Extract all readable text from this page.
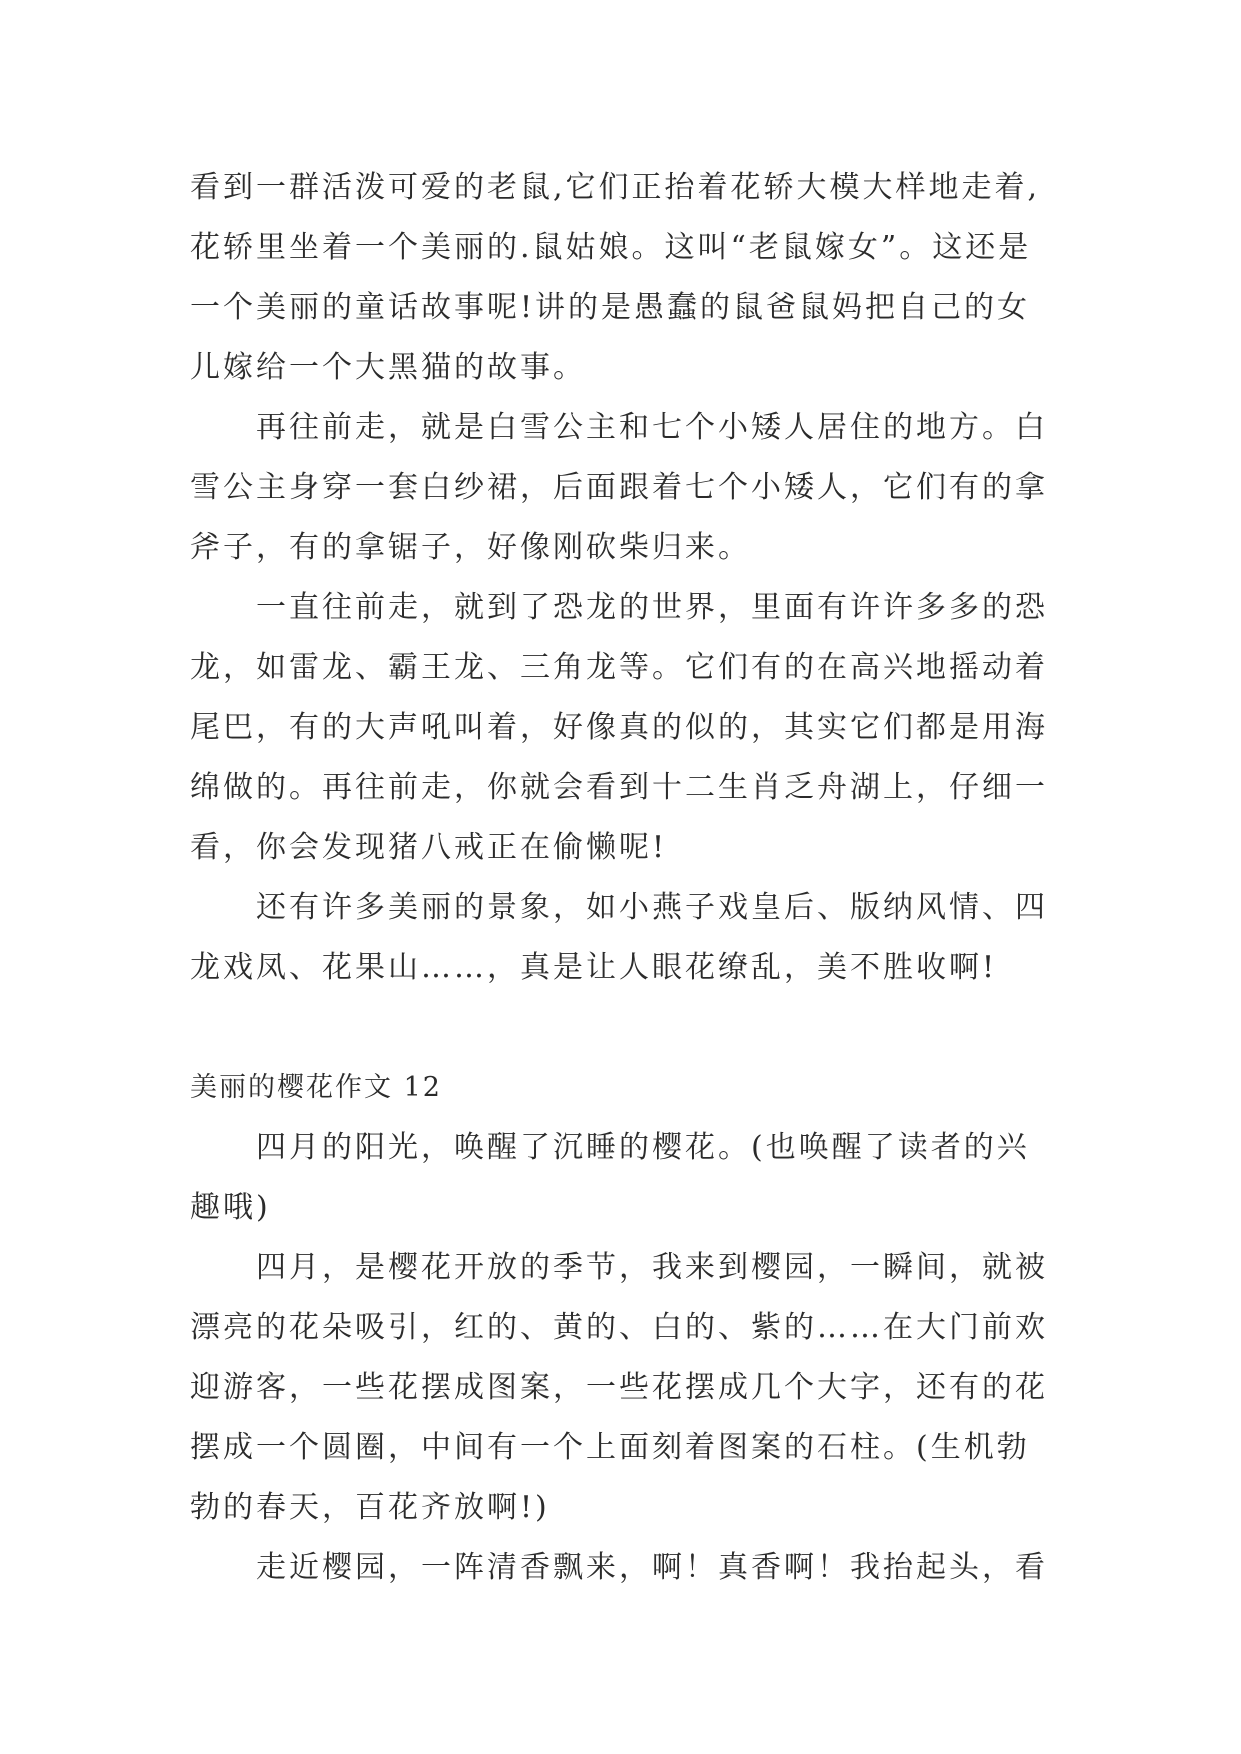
看到一群活泼可爱的老鼠,它们正抬着花轿大模大样地走着,
花轿里坐着一个美丽的.鼠姑娘。这叫“老鼠嫁女”。这还是
一个美丽的童话故事呢!讲的是愚蠢的鼠爸鼠妈把自己的女
儿嫁给一个大黑猫的故事。
再往前走，就是白雪公主和七个小矮人居住的地方。白
雪公主身穿一套白纱裙，后面跟着七个小矮人，它们有的拿
斧子，有的拿锯子，好像刚砍柴归来。
一直往前走，就到了恐龙的世界，里面有许许多多的恐
龙，如雷龙、霸王龙、三角龙等。它们有的在高兴地摇动着
尾巴，有的大声吼叫着，好像真的似的，其实它们都是用海
绵做的。再往前走，你就会看到十二生肖乏舟湖上，仔细一
看，你会发现猪八戒正在偷懒呢!
还有许多美丽的景象，如小燕子戏皇后、版纳风情、四
龙戏凤、花果山……，真是让人眼花缭乱，美不胜收啊!
美丽的樱花作文 12
四月的阳光，唤醒了沉睡的樱花。(也唤醒了读者的兴
趣哦)
四月，是樱花开放的季节，我来到樱园，一瞬间，就被
漂亮的花朵吸引，红的、黄的、白的、紫的……在大门前欢
迎游客，一些花摆成图案，一些花摆成几个大字，还有的花
摆成一个圆圈，中间有一个上面刻着图案的石柱。(生机勃
勃的春天，百花齐放啊!)
走近樱园，一阵清香飘来，啊！真香啊！我抬起头，看
